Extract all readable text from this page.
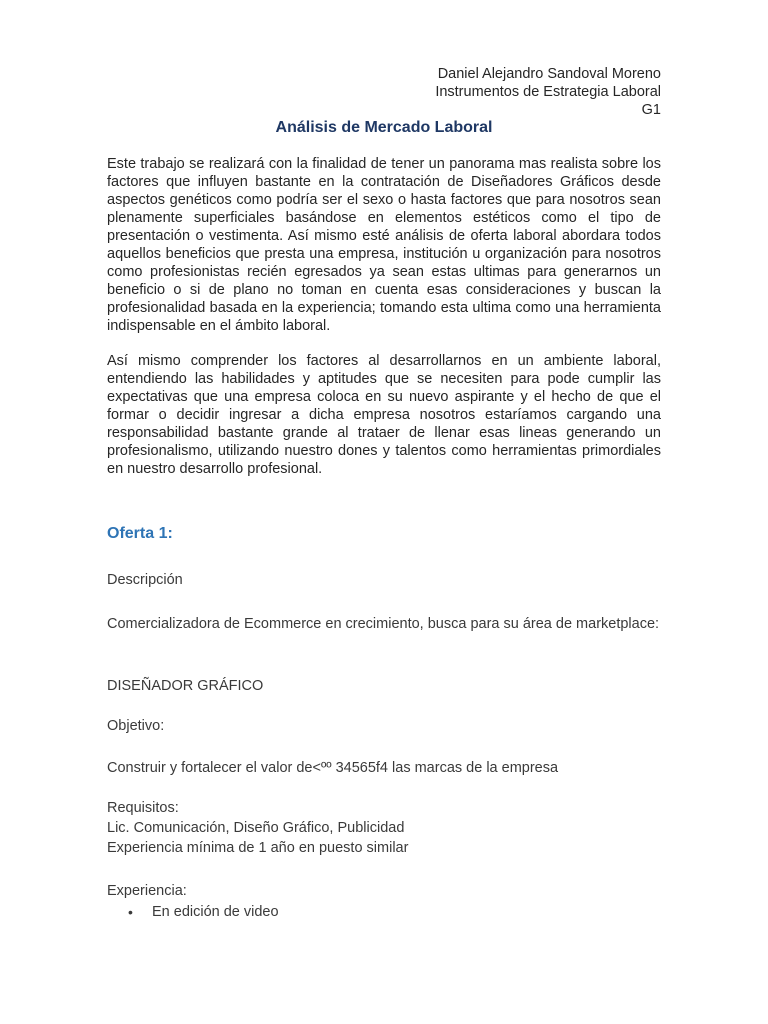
Daniel Alejandro Sandoval Moreno
Instrumentos de Estrategia Laboral
G1
Análisis de Mercado Laboral

Este trabajo se realizará con la finalidad de tener un panorama mas realista sobre los factores que influyen bastante en la contratación de Diseñadores Gráficos desde aspectos genéticos como podría ser el sexo o hasta factores que para nosotros sean plenamente superficiales basándose en elementos estéticos como el tipo de presentación o vestimenta. Así mismo esté análisis de oferta laboral abordara todos aquellos beneficios que presta una empresa, institución u organización para nosotros como profesionistas recién egresados ya sean estas ultimas para generarnos un beneficio o si de plano no toman en cuenta esas consideraciones y buscan la profesionalidad basada en la experiencia; tomando esta ultima como una herramienta indispensable en el ámbito laboral.

Así mismo comprender los factores al desarrollarnos en un ambiente laboral, entendiendo las habilidades y aptitudes que se necesiten para pode cumplir las expectativas que una empresa coloca en su nuevo aspirante y el hecho de que el formar o decidir ingresar a dicha empresa nosotros estaríamos cargando una responsabilidad bastante grande al trataer de llenar esas lineas generando un profesionalismo, utilizando nuestro dones y talentos como herramientas primordiales en nuestro desarrollo profesional.

Oferta 1:
Descripción
Comercializadora de Ecommerce en crecimiento, busca para su área de marketplace:
DISEÑADOR GRÁFICO
Objetivo:
Construir y fortalecer el valor de<ºº 34565f4 las marcas de la empresa
Requisitos:
Lic. Comunicación, Diseño Gráfico, Publicidad
Experiencia mínima de 1 año en puesto similar
Experiencia:
• En edición de video
